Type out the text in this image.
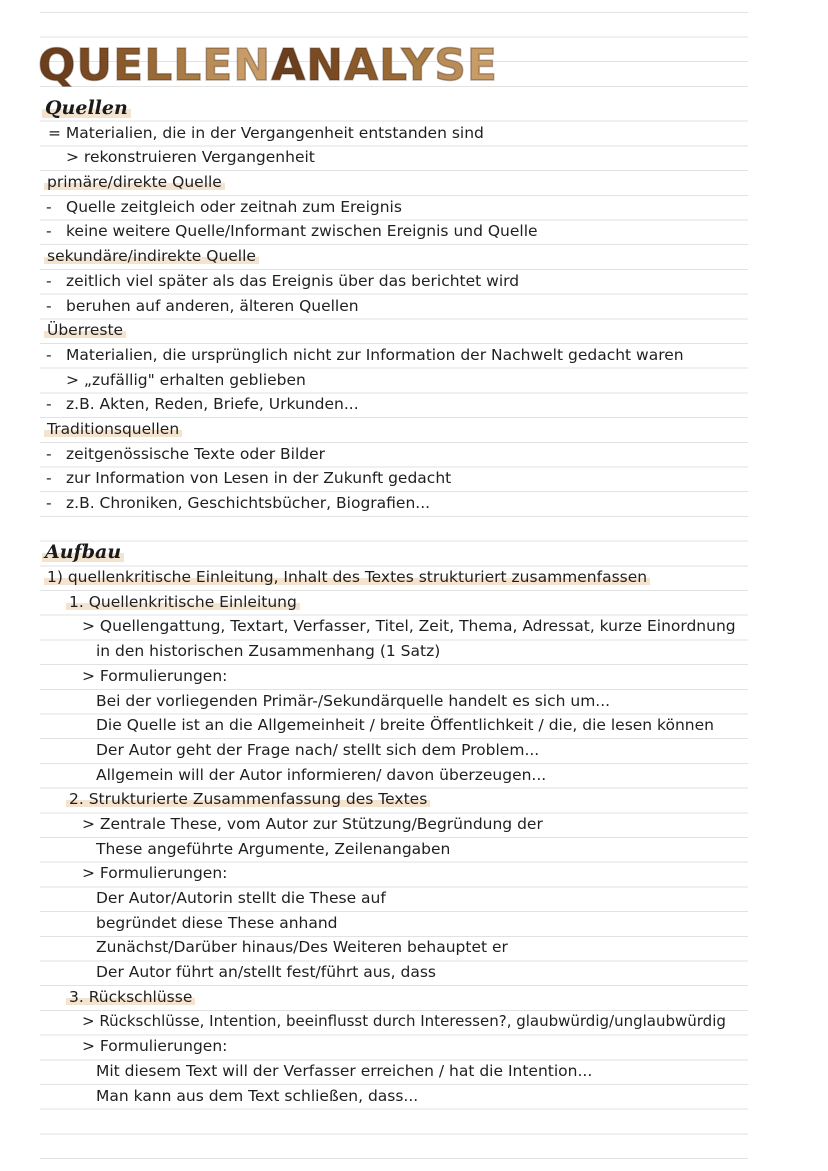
QUELLENANALYSE
Quellen
= Materialien, die in der Vergangenheit entstanden sind
> rekonstruieren Vergangenheit
primäre/direkte Quelle
- Quelle zeitgleich oder zeitnah zum Ereignis
- keine weitere Quelle/Informant zwischen Ereignis und Quelle
sekundäre/indirekte Quelle
- zeitlich viel später als das Ereignis über das berichtet wird
- beruhen auf anderen, älteren Quellen
Überreste
- Materialien, die ursprünglich nicht zur Information der Nachwelt gedacht waren
> „zufällig" erhalten geblieben
- z.B. Akten, Reden, Briefe, Urkunden...
Traditionsquellen
- zeitgenössische Texte oder Bilder
- zur Information von Lesen in der Zukunft gedacht
- z.B. Chroniken, Geschichtsbücher, Biografien...
Aufbau
1) quellenkritische Einleitung, Inhalt des Textes strukturiert zusammenfassen
1. Quellenkritische Einleitung
> Quellengattung, Textart, Verfasser, Titel, Zeit, Thema, Adressat, kurze Einordnung
in den historischen Zusammenhang (1 Satz)
> Formulierungen:
Bei der vorliegenden Primär-/Sekundärquelle handelt es sich um...
Die Quelle ist an die Allgemeinheit / breite Öffentlichkeit / die, die lesen können
Der Autor geht der Frage nach/ stellt sich dem Problem...
Allgemein will der Autor informieren/ davon überzeugen...
2. Strukturierte Zusammenfassung des Textes
> Zentrale These, vom Autor zur Stützung/Begründung der
These angeführte Argumente, Zeilenangaben
> Formulierungen:
Der Autor/Autorin stellt die These auf
begründet diese These anhand
Zunächst/Darüber hinaus/Des Weiteren behauptet er
Der Autor führt an/stellt fest/führt aus, dass
3. Rückschlüsse
> Rückschlüsse, Intention, beeinflusst durch Interessen?, glaubwürdig/unglaubwürdig
> Formulierungen:
Mit diesem Text will der Verfasser erreichen / hat die Intention...
Man kann aus dem Text schließen, dass...
